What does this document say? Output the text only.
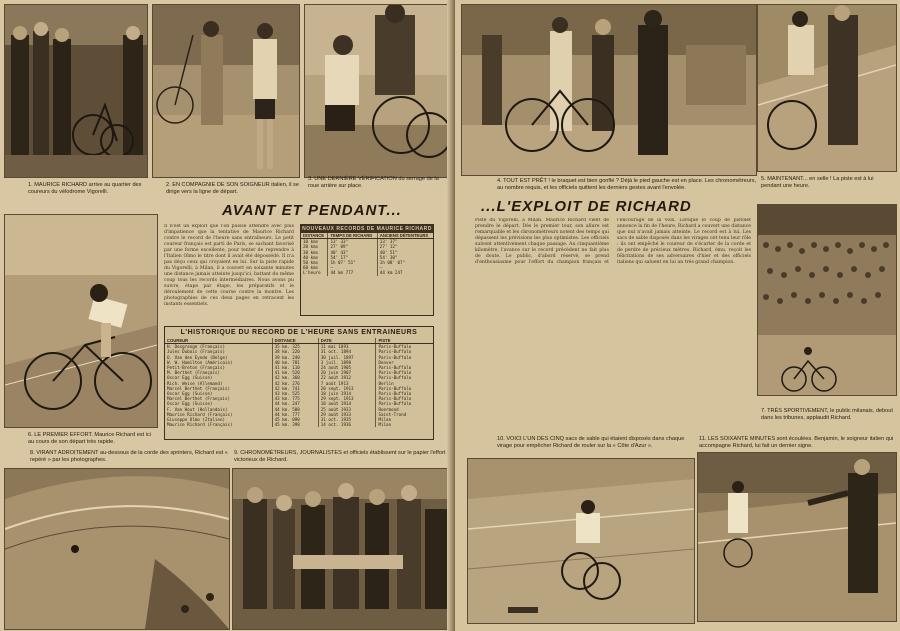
1. MAURICE RICHARD arrive au quartier des coureurs du vélodrome Vigorelli.
2. EN COMPAGNIE DE SON SOIGNEUR italien, il se dirige vers la ligne de départ.
3. UNE DERNIÈRE VÉRIFICATION du serrage de la roue arrière sur place.
AVANT ET PENDANT...
6. LE PREMIER EFFORT. Maurice Richard est ici au cours de son départ très rapide.
Il n'est un exploit que l'on puisse attendre avec plus d'impatience que la tentative de Maurice Richard contre le record de l'heure sans entraîneurs. Le petit coureur français est parti de Paris, se sachant favorisé par une forme excellente, pour tenter de reprendre à l'Italien Olmo le titre dont il avait été dépossédé. Il n'a pas déçu ceux qui croyaient en lui. Sur la piste rapide du Vigorelli, à Milan, il a couvert en soixante minutes une distance jamais atteinte jusqu'ici, battant du même coup tous les records intermédiaires. Nous avons pu suivre, étape par étape, les préparatifs et le déroulement de cette course contre la montre. Les photographies de ces deux pages en retracent les instants essentiels.
NOUVEAUX RECORDS DE MAURICE RICHARD
DISTANCE	TEMPS DE RICHARD	ANCIENS DÉTENTEURS
10 kms	13' 33"	13' 37"
20 kms	27' 09"	27' 12"
30 kms	40' 43"	40' 51"
40 kms	54' 17"	54' 30"
50 kms	1h 07' 51"	1h 08' 07"
60 kms	—	—
L'heure	44 km 777	44 km 247
L'HISTORIQUE DU RECORD DE L'HEURE SANS ENTRAINEURS
COUREUR	DISTANCE	DATE	PISTE
H. Desgrange (Français)	35 km. 325	11 mai 1893	Paris-Buffalo
Jules Dubois (Français)	38 km. 220	31 oct. 1894	Paris-Buffalo
O. Van den Eynde (Belge)	39 km. 240	30 juil. 1897	Paris-Buffalo
W. W. Hamilton (Américain)	40 km. 781	3 juil. 1898	Denver
Petit-Breton (Français)	41 km. 110	24 août 1905	Paris-Buffalo
M. Berthet (Français)	41 km. 520	20 juin 1907	Paris-Buffalo
Oscar Egg (Suisse)	42 km. 360	22 août 1912	Paris-Buffalo
Rich. Weise (Allemand)	42 km. 276	7 août 1913	Berlin
Marcel Berthet (Français)	42 km. 741	20 sept. 1913	Paris-Buffalo
Oscar Egg (Suisse)	43 km. 525	18 juin 1914	Paris-Buffalo
Marcel Berthet (Français)	43 km. 775	29 sept. 1913	Paris-Buffalo
Oscar Egg (Suisse)	44 km. 247	18 août 1914	Paris-Buffalo
F. Van Hout (Hollandais)	44 km. 588	25 août 1933	Roermond
Maurice Richard (Français)	44 km. 777	29 août 1933	Saint-Trond
Giuseppe Olmo (Italien)	45 km. 090	31 oct. 1935	Milan
Maurice Richard (Français)	45 km. 398	14 oct. 1936	Milan
8. VIRANT ADROITEMENT au-dessous de la corde des sprinters, Richard est « repéré » par les photographes.
9. CHRONOMÉTREURS, JOURNALISTES et officiels établissent sur le papier l'effort victorieux de Richard.
4. TOUT EST PRÊT ! le braquet est bien gonflé ? Déjà le pied gauche est en place. Les chronométreurs, au nombre requis, et les officiels quittent les derniers gestes avant l'envolée.
5. MAINTENANT... en selle ! La piste est à lui pendant une heure.
...L'EXPLOIT DE RICHARD
Piste du Vigorelli, à Milan. Maurice Richard vient de prendre le départ. Dès le premier tour, son allure est remarquable et les chronométreurs notent des temps qui dépassent les prévisions les plus optimistes. Les officiels suivent attentivement chaque passage. Au cinquantième kilomètre, l'avance sur le record précédent ne fait plus de doute. Le public, d'abord réservé, se prend d'enthousiasme pour l'effort du champion français et l'encourage de la voix. Lorsque le coup de pistolet annonce la fin de l'heure, Richard a couvert une distance que nul n'avait jamais atteinte. Le record est à lui. Les sacs de sable disposés dans les virages ont tenu leur rôle : ils ont empêché le coureur de s'écarter de la corde et de perdre de précieux mètres. Richard, ému, reçoit les félicitations de ses adversaires d'hier et des officiels italiens qui saluent en lui un très grand champion.
7. TRÈS SPORTIVEMENT, le public milanais, debout dans les tribunes, applaudit Richard.
10. VOICI L'UN DES CINQ sacs de sable qui étaient disposés dans chaque virage pour empêcher Richard de rouler sur la « Côte d'Azur ».
11. LES SOIXANTE MINUTES sont écoulées. Benjamin, le soigneur italien qui accompagne Richard, lui fait un dernier signe.
